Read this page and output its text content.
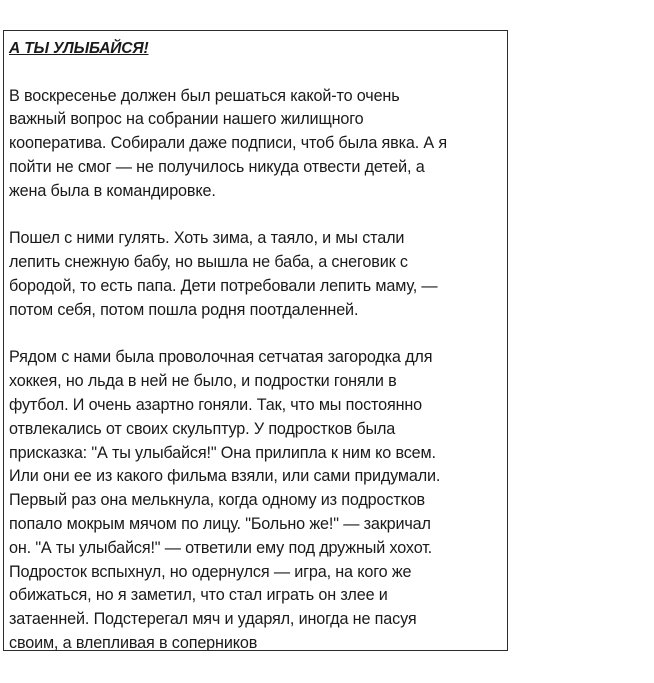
А ТЫ УЛЫБАЙСЯ!
В воскресенье должен был решаться какой-то очень
важный вопрос на собрании нашего жилищного
кооператива. Собирали даже подписи, чтоб была явка. А я
пойти не смог — не получилось никуда отвести детей, а
жена была в командировке.
Пошел с ними гулять. Хоть зима, а таяло, и мы стали
лепить снежную бабу, но вышла не баба, а снеговик с
бородой, то есть папа. Дети потребовали лепить маму, —
потом себя, потом пошла родня поотдаленней.
Рядом с нами была проволочная сетчатая загородка для
хоккея, но льда в ней не было, и подростки гоняли в
футбол. И очень азартно гоняли. Так, что мы постоянно
отвлекались от своих скульптур. У подростков была
присказка: "А ты улыбайся!" Она прилипла к ним ко всем.
Или они ее из какого фильма взяли, или сами придумали.
Первый раз она мелькнула, когда одному из подростков
попало мокрым мячом по лицу. "Больно же!" — закричал
он. "А ты улыбайся!" — ответили ему под дружный хохот.
Подросток вспыхнул, но одернулся — игра, на кого же
обижаться, но я заметил, что стал играть он злее и
затаенней. Подстерегал мяч и ударял, иногда не пасуя
своим, а влепливая в соперников
